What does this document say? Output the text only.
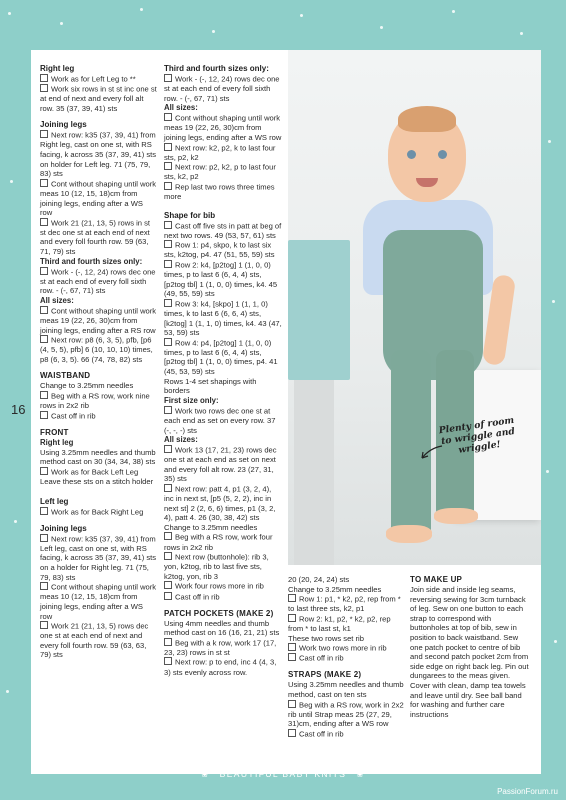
16
Right leg

Work as for Left Leg to **

Work six rows in st st inc one st at end of next and every foll alt row. 35 (37, 39, 41) sts

Joining legs

Next row: k35 (37, 39, 41) from Right leg, cast on one st, with RS facing, k across 35 (37, 39, 41) sts on holder for Left leg. 71 (75, 79, 83) sts

Cont without shaping until work meas 10 (12, 15, 18)cm from joining legs, ending after a WS row

Work 21 (21, 13, 5) rows in st st dec one st at each end of next and every foll fourth row. 59 (63, 71, 79) sts

Third and fourth sizes only:

Work - (-, 12, 24) rows dec one st at each end of every foll sixth row. - (-, 67, 71) sts

All sizes:

Cont without shaping until work meas 19 (22, 26, 30)cm from joining legs, ending after a RS row

Next row: p8 (6, 3, 5), pfb, [p6 (4, 5, 5), pfb] 6 (10, 10, 10) times, p8 (6, 3, 5). 66 (74, 78, 82) sts

WAISTBAND

Change to 3.25mm needles

Beg with a RS row, work nine rows in 2x2 rib

Cast off in rib

FRONT
Right leg

Using 3.25mm needles and thumb method cast on 30 (34, 34, 38) sts

Work as for Back Left Leg Leave these sts on a stitch holder

Left leg

Work as for Back Right Leg

Joining legs

Next row: k35 (37, 39, 41) from Left leg, cast on one st, with RS facing, k across 35 (37, 39, 41) sts on a holder for Right leg. 71 (75, 79, 83) sts

Cont without shaping until work meas 10 (12, 15, 18)cm from joining legs, ending after a WS row

Work 21 (21, 13, 5) rows dec one st at each end of next and every foll fourth row. 59 (63, 63, 79) sts

Third and fourth sizes only:

Work - (-, 12, 24) rows dec one st at each end of every foll sixth row. - (-, 67, 71) sts

All sizes:

Cont without shaping until work meas 19 (22, 26, 30)cm from joining legs, ending after a WS row

Next row: k2, p2, k to last four sts, p2, k2

Next row: p2, k2, p to last four sts, k2, p2

Rep last two rows three times more

Shape for bib

Cast off five sts in patt at beg of next two rows. 49 (53, 57, 61) sts

Row 1: p4, skpo, k to last six sts, k2tog, p4. 47 (51, 55, 59) sts

Row 2: k4, [p2tog] 1 (1, 0, 0) times, p to last 6 (6, 4, 4) sts, [p2tog tbl] 1 (1, 0, 0) times, k4. 45 (49, 55, 59) sts

Row 3: k4, [skpo] 1 (1, 1, 0) times, k to last 6 (6, 6, 4) sts, [k2tog] 1 (1, 1, 0) times, k4. 43 (47, 53, 59) sts

Row 4: p4, [p2tog] 1 (1, 0, 0) times, p to last 6 (6, 4, 4) sts, [p2tog tbl] 1 (1, 0, 0) times, p4. 41 (45, 53, 59) sts

Rows 1-4 set shapings with borders

First size only:

Work two rows dec one st at each end as set on every row. 37 (-, -, -) sts

All sizes:

Work 13 (17, 21, 23) rows dec one st at each end as set on next and every foll alt row. 23 (27, 31, 35) sts

Next row: patt 4, p1 (3, 2, 4), inc in next st, [p5 (5, 2, 2), inc in next st] 2 (2, 6, 6) times, p1 (3, 2, 4), patt 4. 26 (30, 38, 42) sts

Change to 3.25mm needles

Beg with a RS row, work four rows in 2x2 rib

Next row (buttonhole): rib 3, yon, k2tog, rib to last five sts, k2tog, yon, rib 3

Work four rows more in rib

Cast off in rib

PATCH POCKETS (MAKE 2)

Using 4mm needles and thumb method cast on 16 (16, 21, 21) sts

Beg with a k row, work 17 (17, 23, 23) rows in st st

Next row: p to end, inc 4 (4, 3, 3) sts evenly across row.

Plenty of room to wriggle and wriggle!

20 (20, 24, 24) sts

Change to 3.25mm needles

Row 1: p1, * k2, p2, rep from * to last three sts, k2, p1

Row 2: k1, p2, * k2, p2, rep from * to last st, k1

These two rows set rib

Work two rows more in rib

Cast off in rib

STRAPS (MAKE 2)

Using 3.25mm needles and thumb method, cast on ten sts

Beg with a RS row, work in 2x2 rib until Strap meas 25 (27, 29, 31)cm, ending after a WS row

Cast off in rib

TO MAKE UP

Join side and inside leg seams, reversing sewing for 3cm turnback of leg. Sew on one button to each strap to correspond with buttonholes at top of bib, sew in position to back waistband. Sew one patch pocket to centre of bib and second patch pocket 2cm from side edge on right back leg. Pin out dungarees to the meas given. Cover with clean, damp tea towels and leave until dry. See ball band for washing and further care instructions

❀ BEAUTIFUL BABY KNITS ❀
PassionForum.ru
